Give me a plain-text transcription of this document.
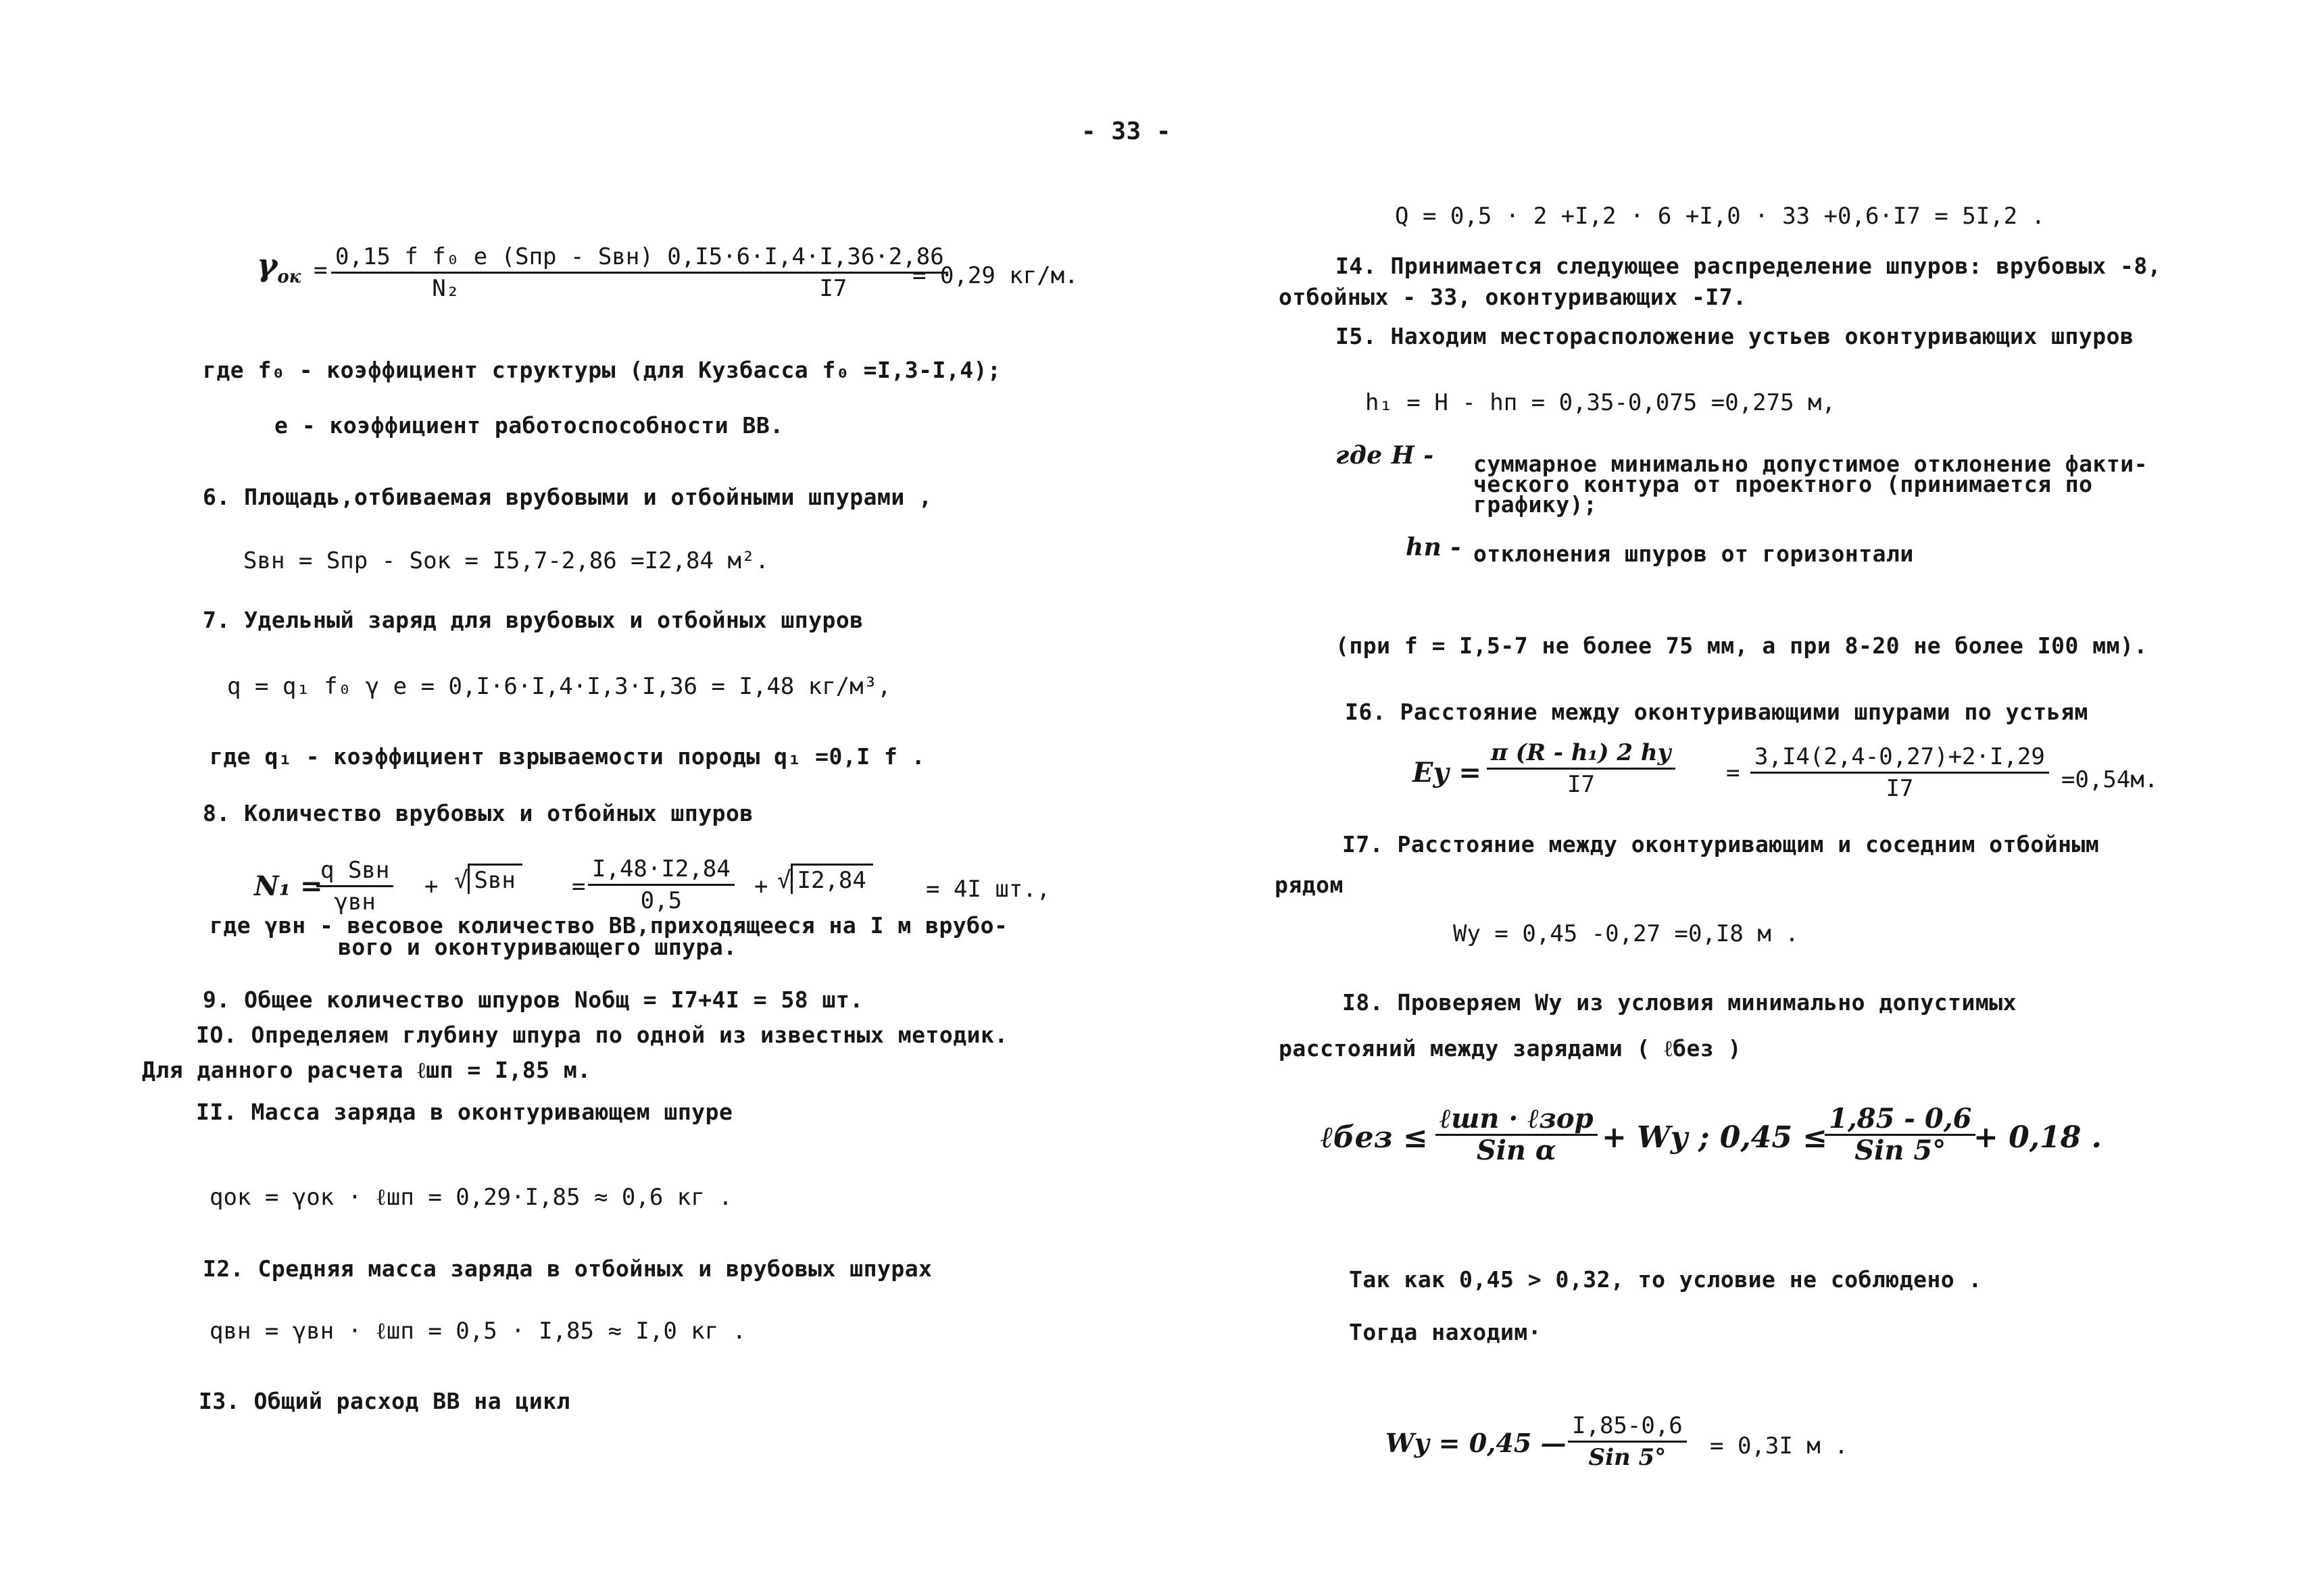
- 33 -
$\gamma_{ок} = 0,15$ f f₀ e (Sпр - Sвн) 0,I5·6·I,4·I,36·2,86
N₂                          I7	= 0,29 кг/м.
где f₀ - коэффициент структуры (для Кузбасса f₀ =I,3-I,4);
e - коэффициент работоспособности ВВ.
6. Площадь,отбиваемая врубовыми и отбойными шпурами ,
Sвн = Sпр - Sок = I5,7-2,86 =I2,84 м².
7. Удельный заряд для врубовых и отбойных шпуров
q = q₁ f₀ γ e = 0,I·6·I,4·I,3·I,36 = I,48 кг/м³,
где q₁ - коэффициент взрываемости породы q₁ =0,I f .
8. Количество врубовых и отбойных шпуров
N₁ =
q Sвн
γвн
+ √ Sвн = $\frac{I,48\cdot I2,84}{0,5}$ + √ I2,84	= 4I шт.,
где γвн - весовое количество ВВ,приходящееся на I м врубо-
вого и оконтуривающего шпура.
9. Общее количество шпуров Nобщ = I7+4I = 58 шт.
IO. Определяем глубину шпура по одной из известных методик.
Для данного расчета ℓшп = I,85 м.
II. Масса заряда в оконтуривающем шпуре
qок = γок · ℓшп = 0,29·I,85 ≈ 0,6 кг .
I2. Средняя масса заряда в отбойных и врубовых шпурах
qвн = γвн · ℓшп = 0,5 · I,85 ≈ I,0 кг .
I3. Общий расход ВВ на цикл
Q = 0,5 · 2 +I,2 · 6 +I,0 · 33 +0,6·I7 = 5I,2 .
I4. Принимается следующее распределение шпуров: врубовых -8,
отбойных - 33, оконтуривающих -I7.
I5. Находим месторасположение устьев оконтуривающих шпуров
h₁ = H - hп = 0,35-0,075 =0,275 м,
где H - суммарное минимально допустимое отклонение факти-
ческого контура от проектного (принимается по
графику);
hп - отклонения шпуров от горизонтали
(при f = I,5-7 не более 75 мм, а при 8-20 не более I00 мм).
I6. Расстояние между оконтуривающими шпурами по устьям
Eу =
π (R - h₁) 2 hу
I7	= $\frac{3,I4(2,4-0,27)+2\cdot I,29}{I7} =0,54м$.
I7. Расстояние между оконтуривающим и соседним отбойным
рядом
Wу = 0,45 -0,27 =0,I8 м .
I8. Проверяем Wу из условия минимально допустимых
расстояний между зарядами ( ℓбез )
ℓбез ≤
ℓшп · ℓзор
Sin α + Wу ; 0,45 ≤
1,85 - 0,6
Sin 5° + 0,18 .
Так как 0,45 > 0,32, то условие не соблюдено .
Тогда находим·
Wу = 0,45 —
I,85-0,6
Sin 5° = 0,3I м .
